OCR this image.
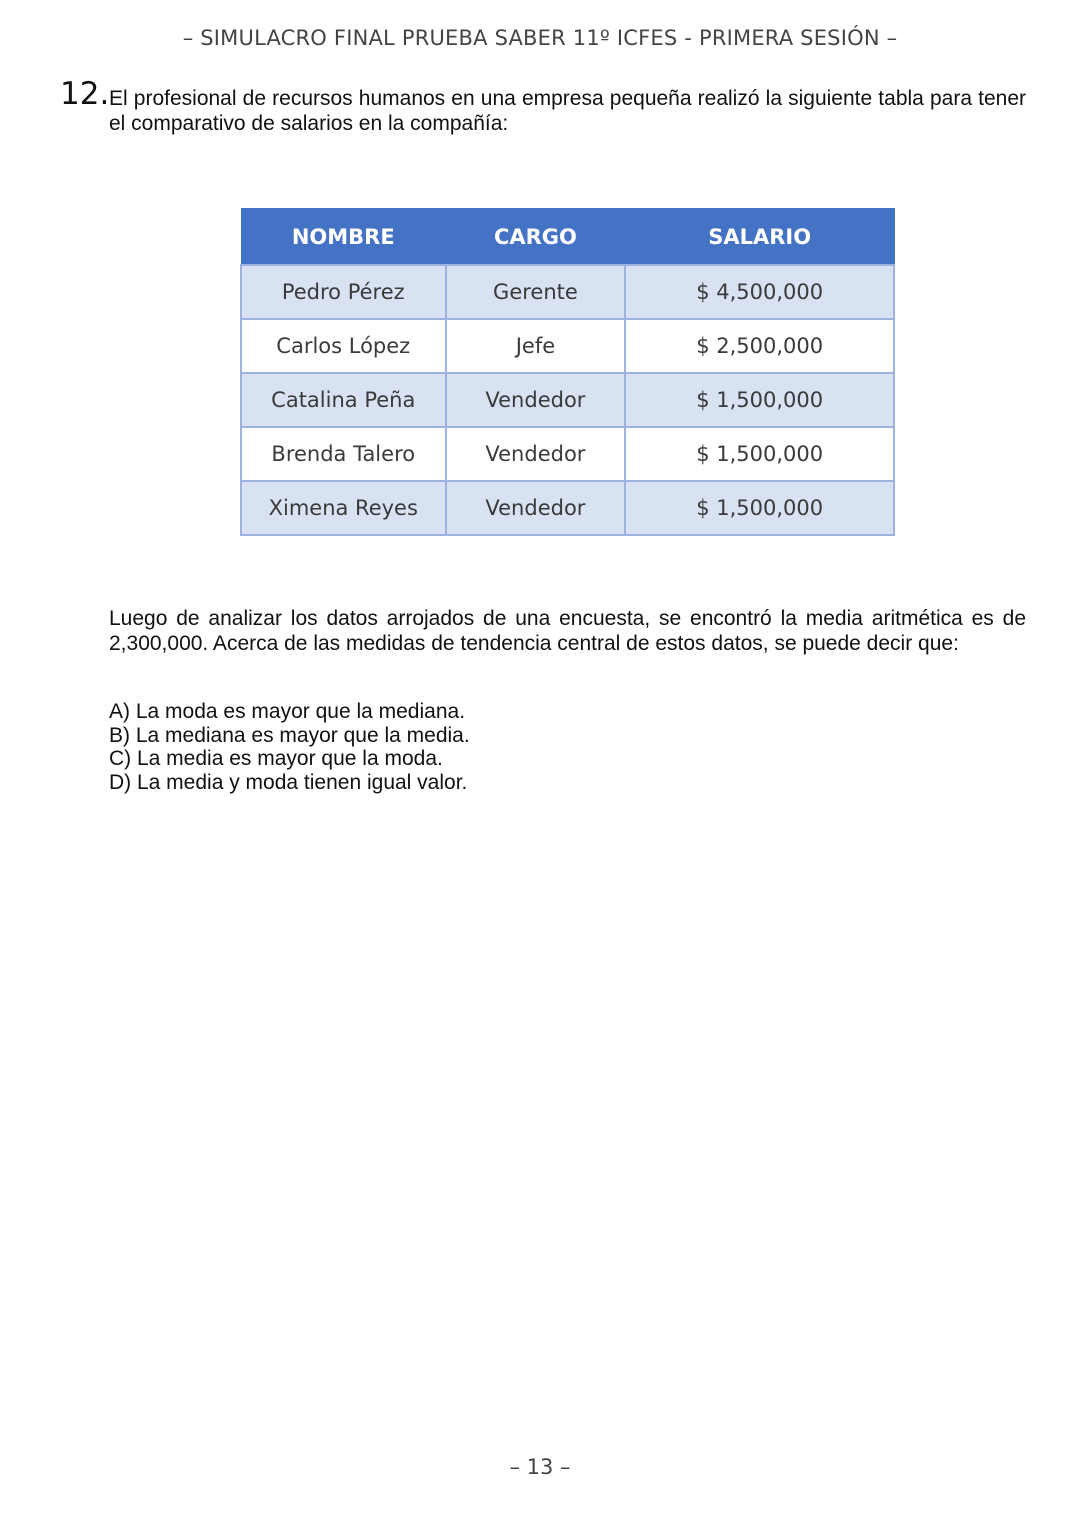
– SIMULACRO FINAL PRUEBA SABER 11º ICFES - PRIMERA SESIÓN –
12. El profesional de recursos humanos en una empresa pequeña realizó la siguiente tabla para tener el comparativo de salarios en la compañía:
NOMBRE	CARGO	SALARIO
Pedro Pérez	Gerente	$ 4,500,000
Carlos López	Jefe	$ 2,500,000
Catalina Peña	Vendedor	$ 1,500,000
Brenda Talero	Vendedor	$ 1,500,000
Ximena Reyes	Vendedor	$ 1,500,000
Luego de analizar los datos arrojados de una encuesta, se encontró la media aritmética es de 2,300,000. Acerca de las medidas de tendencia central de estos datos, se puede decir que:
A) La moda es mayor que la mediana.
B) La mediana es mayor que la media.
C) La media es mayor que la moda.
D) La media y moda tienen igual valor.
– 13 –
